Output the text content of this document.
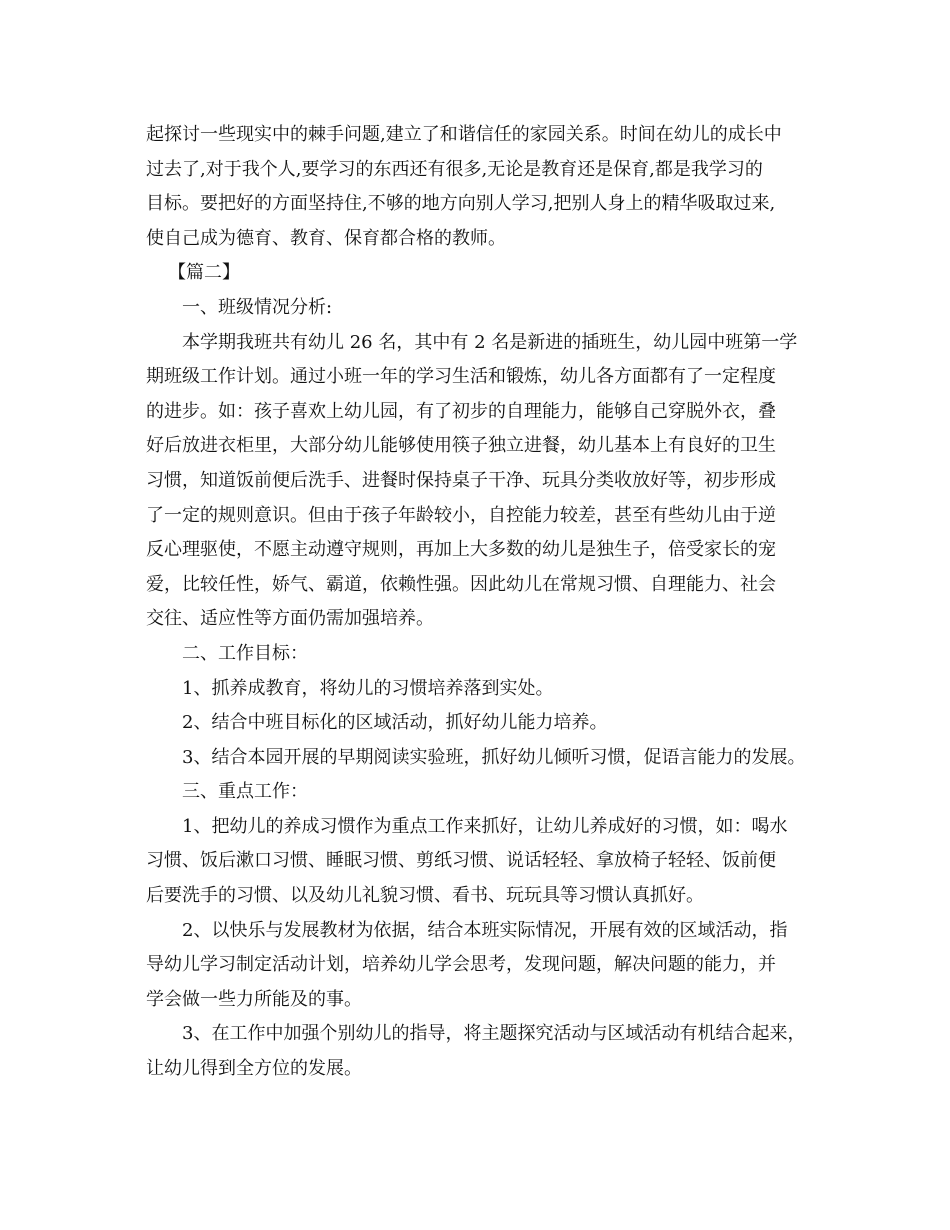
起探讨一些现实中的棘手问题,建立了和谐信任的家园关系。时间在幼儿的成长中
过去了,对于我个人,要学习的东西还有很多,无论是教育还是保育,都是我学习的
目标。要把好的方面坚持住,不够的地方向别人学习,把别人身上的精华吸取过来,
使自己成为德育、教育、保育都合格的教师。
【篇二】
一、班级情况分析:
本学期我班共有幼儿 26 名，其中有 2 名是新进的插班生，幼儿园中班第一学
期班级工作计划。通过小班一年的学习生活和锻炼，幼儿各方面都有了一定程度
的进步。如：孩子喜欢上幼儿园，有了初步的自理能力，能够自己穿脱外衣，叠
好后放进衣柜里，大部分幼儿能够使用筷子独立进餐，幼儿基本上有良好的卫生
习惯，知道饭前便后洗手、进餐时保持桌子干净、玩具分类收放好等，初步形成
了一定的规则意识。但由于孩子年龄较小，自控能力较差，甚至有些幼儿由于逆
反心理驱使，不愿主动遵守规则，再加上大多数的幼儿是独生子，倍受家长的宠
爱，比较任性，娇气、霸道，依赖性强。因此幼儿在常规习惯、自理能力、社会
交往、适应性等方面仍需加强培养。
二、工作目标：
1、抓养成教育，将幼儿的习惯培养落到实处。
2、结合中班目标化的区域活动，抓好幼儿能力培养。
3、结合本园开展的早期阅读实验班，抓好幼儿倾听习惯，促语言能力的发展。
三、重点工作：
1、把幼儿的养成习惯作为重点工作来抓好，让幼儿养成好的习惯，如：喝水
习惯、饭后漱口习惯、睡眠习惯、剪纸习惯、说话轻轻、拿放椅子轻轻、饭前便
后要洗手的习惯、以及幼儿礼貌习惯、看书、玩玩具等习惯认真抓好。
2、以快乐与发展教材为依据，结合本班实际情况，开展有效的区域活动，指
导幼儿学习制定活动计划，培养幼儿学会思考，发现问题，解决问题的能力，并
学会做一些力所能及的事。
3、在工作中加强个别幼儿的指导，将主题探究活动与区域活动有机结合起来，
让幼儿得到全方位的发展。
